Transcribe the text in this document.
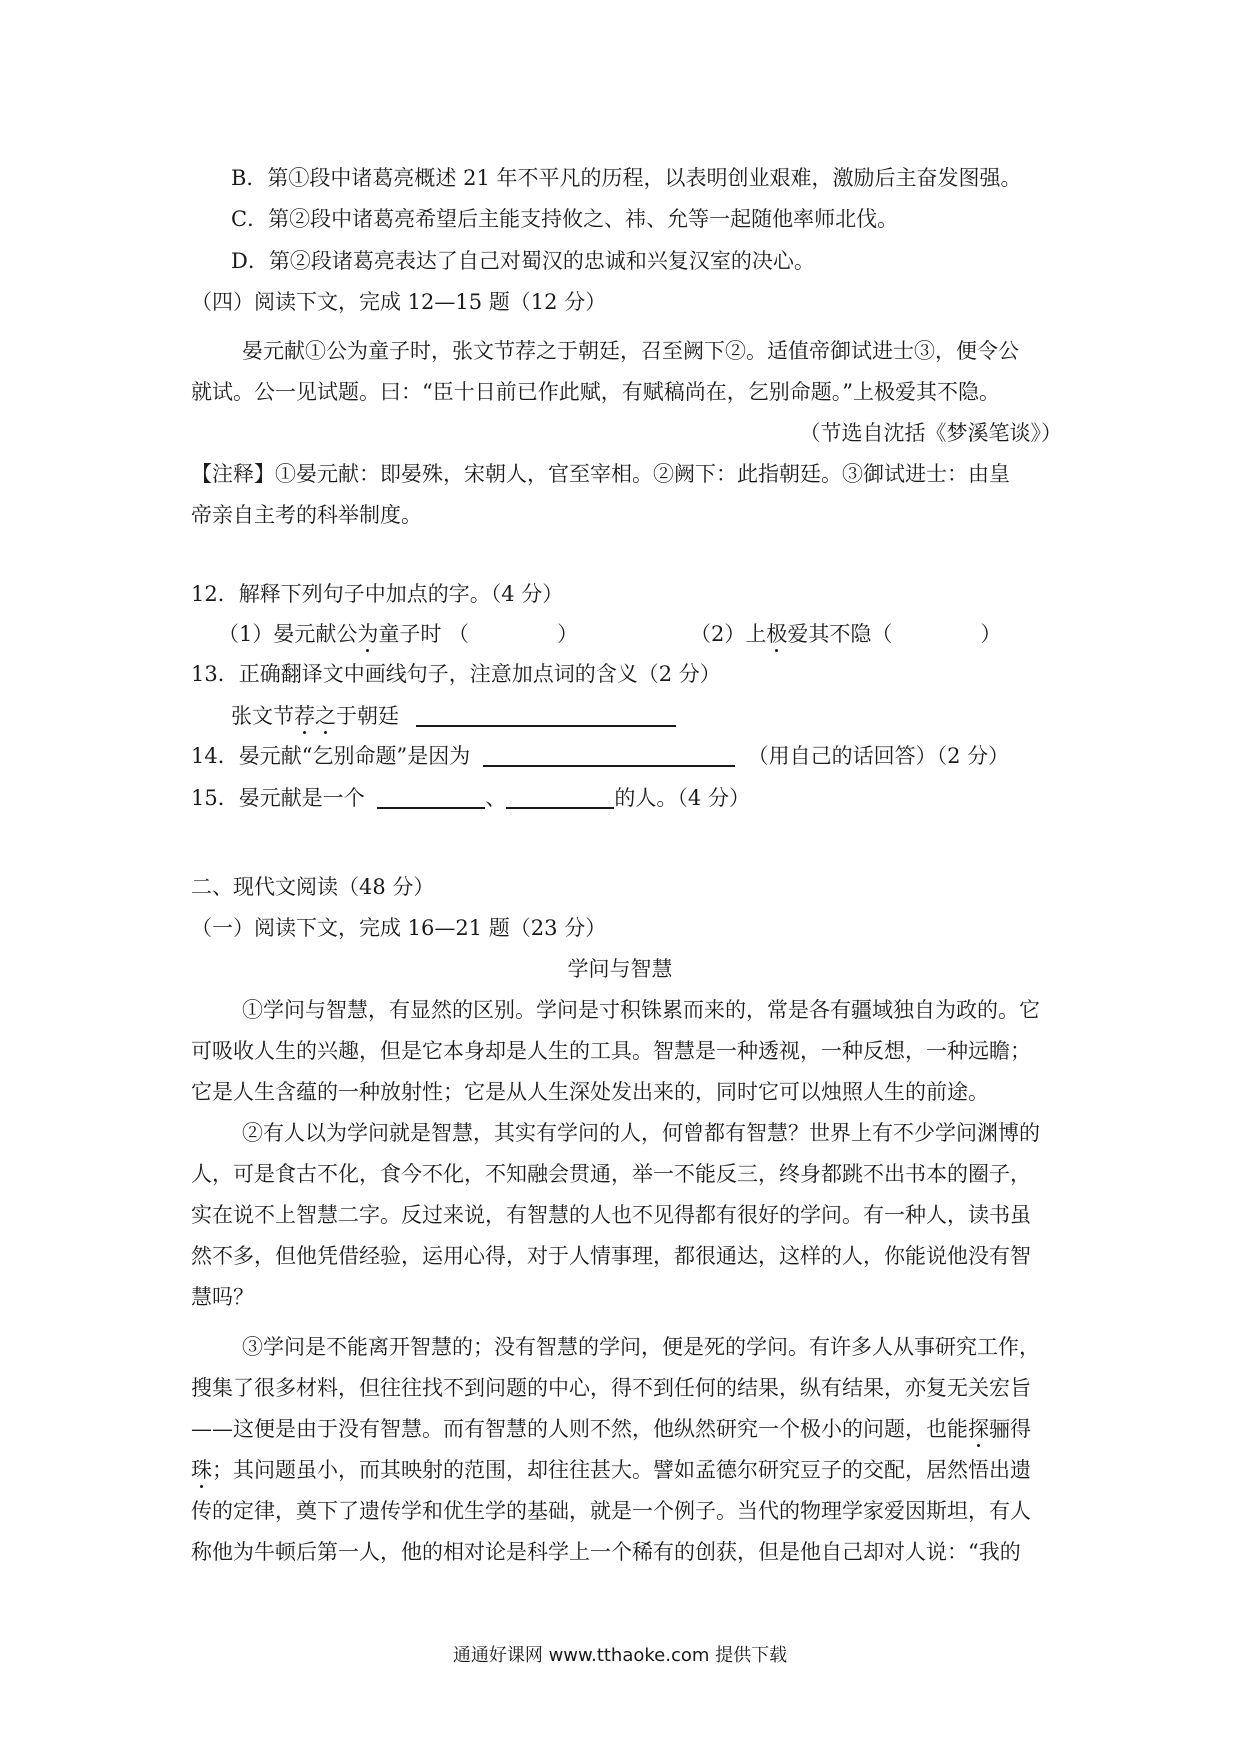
B．第①段中诸葛亮概述 21 年不平凡的历程，以表明创业艰难，激励后主奋发图强。
C．第②段中诸葛亮希望后主能支持攸之、祎、允等一起随他率师北伐。
D．第②段诸葛亮表达了自己对蜀汉的忠诚和兴复汉室的决心。
（四）阅读下文，完成 12—15 题（12 分）
晏元献①公为童子时，张文节荐之于朝廷，召至阙下②。适值帝御试进士③，便令公
就试。公一见试题。曰：“臣十日前已作此赋，有赋稿尚在，乞别命题。”上极爱其不隐。
（节选自沈括《梦溪笔谈》）
【注释】①晏元献：即晏殊，宋朝人，官至宰相。②阙下：此指朝廷。③御试进士：由皇
帝亲自主考的科举制度。
12．解释下列句子中加点的字。（4 分）
（1）晏元献公为童子时 （	）	（2）上极爱其不隐（	）
13．正确翻译文中画线句子，注意加点词的含义（2 分）
张文节荐之于朝廷
14．晏元献“乞别命题”是因为	（用自己的话回答）（2 分）
15．晏元献是一个	、	的人。（4 分）
二、现代文阅读（48 分）
（一）阅读下文，完成 16—21 题（23 分）
学问与智慧
①学问与智慧，有显然的区别。学问是寸积铢累而来的，常是各有疆域独自为政的。它
可吸收人生的兴趣，但是它本身却是人生的工具。智慧是一种透视，一种反想，一种远瞻；
它是人生含蕴的一种放射性；它是从人生深处发出来的，同时它可以烛照人生的前途。
②有人以为学问就是智慧，其实有学问的人，何曾都有智慧？世界上有不少学问渊博的
人，可是食古不化，食今不化，不知融会贯通，举一不能反三，终身都跳不出书本的圈子，
实在说不上智慧二字。反过来说，有智慧的人也不见得都有很好的学问。有一种人，读书虽
然不多，但他凭借经验，运用心得，对于人情事理，都很通达，这样的人，你能说他没有智
慧吗？
③学问是不能离开智慧的；没有智慧的学问，便是死的学问。有许多人从事研究工作，
搜集了很多材料，但往往找不到问题的中心，得不到任何的结果，纵有结果，亦复无关宏旨
——这便是由于没有智慧。而有智慧的人则不然，他纵然研究一个极小的问题，也能探骊得
珠；其问题虽小，而其映射的范围，却往往甚大。譬如孟德尔研究豆子的交配，居然悟出遗
传的定律，奠下了遗传学和优生学的基础，就是一个例子。当代的物理学家爱因斯坦，有人
称他为牛顿后第一人，他的相对论是科学上一个稀有的创获，但是他自己却对人说：“我的
通通好课网 www.tthaoke.com 提供下载
